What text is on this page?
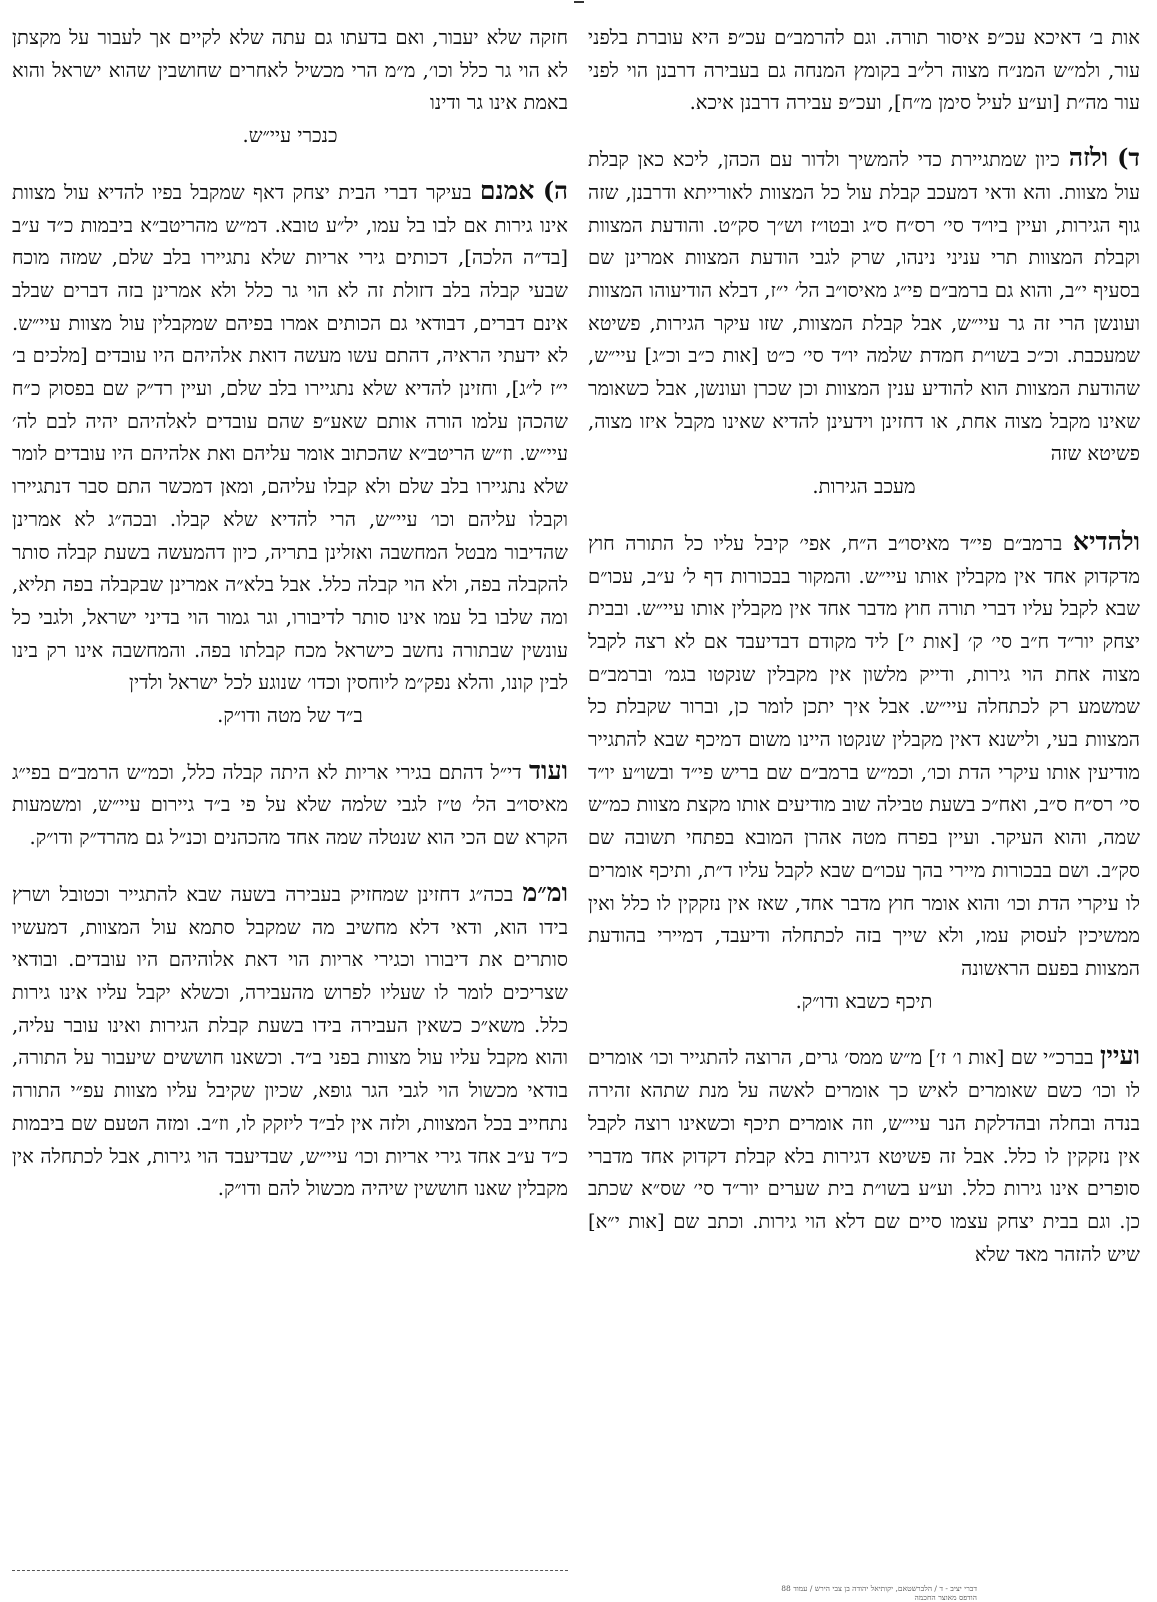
אות ב׳ דאיכא עכ״פ איסור תורה. וגם להרמב״ם עכ״פ היא עוברת בלפני עור, ולמ״ש המנ״ח מצוה רל״ב בקומץ המנחה גם בעבירה דרבנן הוי לפני עור מה״ת [וע״ע לעיל סימן מ״ח], ועכ״פ עבירה דרבנן איכא.

ד) ולזה כיון שמתגיירת כדי להמשיך ולדור עם הכהן, ליכא כאן קבלת עול מצוות. והא ודאי דמעכב קבלת עול כל המצוות לאורייתא ודרבנן, שזה גוף הגירות, ועיין ביו״ד סי׳ רס״ח ס״ג ובטו״ז וש״ך סק״ט. והודעת המצוות וקבלת המצוות תרי עניני נינהו, שרק לגבי הודעת המצוות אמרינן שם בסעיף י״ב, והוא גם ברמב״ם פי״ג מאיסו״ב הל׳ י״ז, דבלא הודיעוהו המצוות ועונשן הרי זה גר עיי״ש, אבל קבלת המצוות, שזו עיקר הגירות, פשיטא שמעכבת. וכ״כ בשו״ת חמדת שלמה יו״ד סי׳ כ״ט [אות כ״ב וכ״ג] עיי״ש, שהודעת המצוות הוא להודיע ענין המצוות וכן שכרן ועונשן, אבל כשאומר שאינו מקבל מצוה אחת, או דחזינן וידעינן להדיא שאינו מקבל איזו מצוה, פשיטא שזה
מעכב הגירות.

ולהדיא ברמב״ם פי״ד מאיסו״ב ה״ח, אפי׳ קיבל עליו כל התורה חוץ מדקדוק אחד אין מקבלין אותו עיי״ש. והמקור בבכורות דף ל׳ ע״ב, עכו״ם שבא לקבל עליו דברי תורה חוץ מדבר אחד אין מקבלין אותו עיי״ש. ובבית יצחק יור״ד ח״ב סי׳ ק׳ [אות י׳] ליד מקודם דבדיעבד אם לא רצה לקבל מצוה אחת הוי גירות, ודייק מלשון אין מקבלין שנקטו בגמ׳ וברמב״ם שמשמע רק לכתחלה עיי״ש. אבל איך יתכן לומר כן, וברור שקבלת כל המצוות בעי, ולישנא דאין מקבלין שנקטו היינו משום דמיכף שבא להתגייר מודיעין אותו עיקרי הדת וכו׳, וכמ״ש ברמב״ם שם בריש פי״ד ובשו״ע יו״ד סי׳ רס״ח ס״ב, ואח״כ בשעת טבילה שוב מודיעים אותו מקצת מצוות כמ״ש שמה, והוא העיקר. ועיין בפרח מטה אהרן המובא בפתחי תשובה שם סק״ב. ושם בבכורות מיירי בהך עכו״ם שבא לקבל עליו ד״ת, ותיכף אומרים לו עיקרי הדת וכו׳ והוא אומר חוץ מדבר אחד, שאז אין נזקקין לו כלל ואין ממשיכין לעסוק עמו, ולא שייך בזה לכתחלה ודיעבד, דמיירי בהודעת המצוות בפעם הראשונה
תיכף כשבא ודו״ק.

ועיין בברכ״י שם [אות ו׳ ז׳] מ״ש ממס׳ גרים, הרוצה להתגייר וכו׳ אומרים לו וכו׳ כשם שאומרים לאיש כך אומרים לאשה על מנת שתהא זהירה בנדה ובחלה ובהדלקת הנר עיי״ש, וזה אומרים תיכף וכשאינו רוצה לקבל אין נזקקין לו כלל. אבל זה פשיטא דגירות בלא קבלת דקדוק אחד מדברי סופרים אינו גירות כלל. וע״ע בשו״ת בית שערים יור״ד סי׳ שס״א שכתב כן. וגם בבית יצחק עצמו סיים שם דלא הוי גירות. וכתב שם [אות י״א] שיש להזהר מאד שלא

חזקה שלא יעבור, ואם בדעתו גם עתה שלא לקיים אך לעבור על מקצתן לא הוי גר כלל וכו׳, מ״מ הרי מכשיל לאחרים שחושבין שהוא ישראל והוא באמת אינו גר ודינו
כנכרי עיי״ש.

ה) אמנם בעיקר דברי הבית יצחק דאף שמקבל בפיו להדיא עול מצוות אינו גירות אם לבו בל עמו, יל״ע טובא. דמ״ש מהריטב״א ביבמות כ״ד ע״ב [בד״ה הלכה], דכותים גירי אריות שלא נתגיירו בלב שלם, שמזה מוכח שבעי קבלה בלב דזולת זה לא הוי גר כלל ולא אמרינן בזה דברים שבלב אינם דברים, דבודאי גם הכותים אמרו בפיהם שמקבלין עול מצוות עיי״ש. לא ידעתי הראיה, דהתם עשו מעשה דואת אלהיהם היו עובדים [מלכים ב׳ י״ז ל״ג], וחזינן להדיא שלא נתגיירו בלב שלם, ועיין רד״ק שם בפסוק כ״ח שהכהן עלמו הורה אותם שאע״פ שהם עובדים לאלהיהם יהיה לבם לה׳ עיי״ש. וז״ש הריטב״א שהכתוב אומר עליהם ואת אלהיהם היו עובדים לומר שלא נתגיירו בלב שלם ולא קבלו עליהם, ומאן דמכשר התם סבר דנתגיירו וקבלו עליהם וכו׳ עיי״ש, הרי להדיא שלא קבלו. ובכה״ג לא אמרינן שהדיבור מבטל המחשבה ואזלינן בתריה, כיון דהמעשה בשעת קבלה סותר להקבלה בפה, ולא הוי קבלה כלל. אבל בלא״ה אמרינן שבקבלה בפה תליא, ומה שלבו בל עמו אינו סותר לדיבורו, וגר גמור הוי בדיני ישראל, ולגבי כל עונשין שבתורה נחשב כישראל מכח קבלתו בפה. והמחשבה אינו רק בינו לבין קונו, והלא נפק״מ ליוחסין וכדו׳ שנוגע לכל ישראל ולדין
ב״ד של מטה ודו״ק.

ועוד די״ל דהתם בגירי אריות לא היתה קבלה כלל, וכמ״ש הרמב״ם בפי״ג מאיסו״ב הל׳ ט״ז לגבי שלמה שלא על פי ב״ד גיירום עיי״ש, ומשמעות הקרא שם הכי הוא שנטלה שמה אחד מהכהנים וכנ״ל גם מהרד״ק ודו״ק.

ומ״מ בכה״ג דחזינן שמחזיק בעבירה בשעה שבא להתגייר וכטובל ושרץ בידו הוא, ודאי דלא מחשיב מה שמקבל סתמא עול המצוות, דמעשיו סותרים את דיבורו וכגירי אריות הוי דאת אלוהיהם היו עובדים. ובודאי שצריכים לומר לו שעליו לפרוש מהעבירה, וכשלא יקבל עליו אינו גירות כלל. משא״כ כשאין העבירה בידו בשעת קבלת הגירות ואינו עובר עליה, והוא מקבל עליו עול מצוות בפני ב״ד. וכשאנו חוששים שיעבור על התורה, בודאי מכשול הוי לגבי הגר גופא, שכיון שקיבל עליו מצוות עפ״י התורה נתחייב בכל המצוות, ולזה אין לב״ד ליזקק לו, וז״ב. ומזה הטעם שם ביבמות כ״ד ע״ב אחד גירי אריות וכו׳ עיי״ש, שבדיעבד הוי גירות, אבל לכתחלה אין מקבלין שאנו חוששין שיהיה מכשול להם ודו״ק.

דברי יציב - ד / הלברשטאם, יקותיאל יהודה בן צבי הירש / עמוד 88
הודפס מאוצר החכמה
